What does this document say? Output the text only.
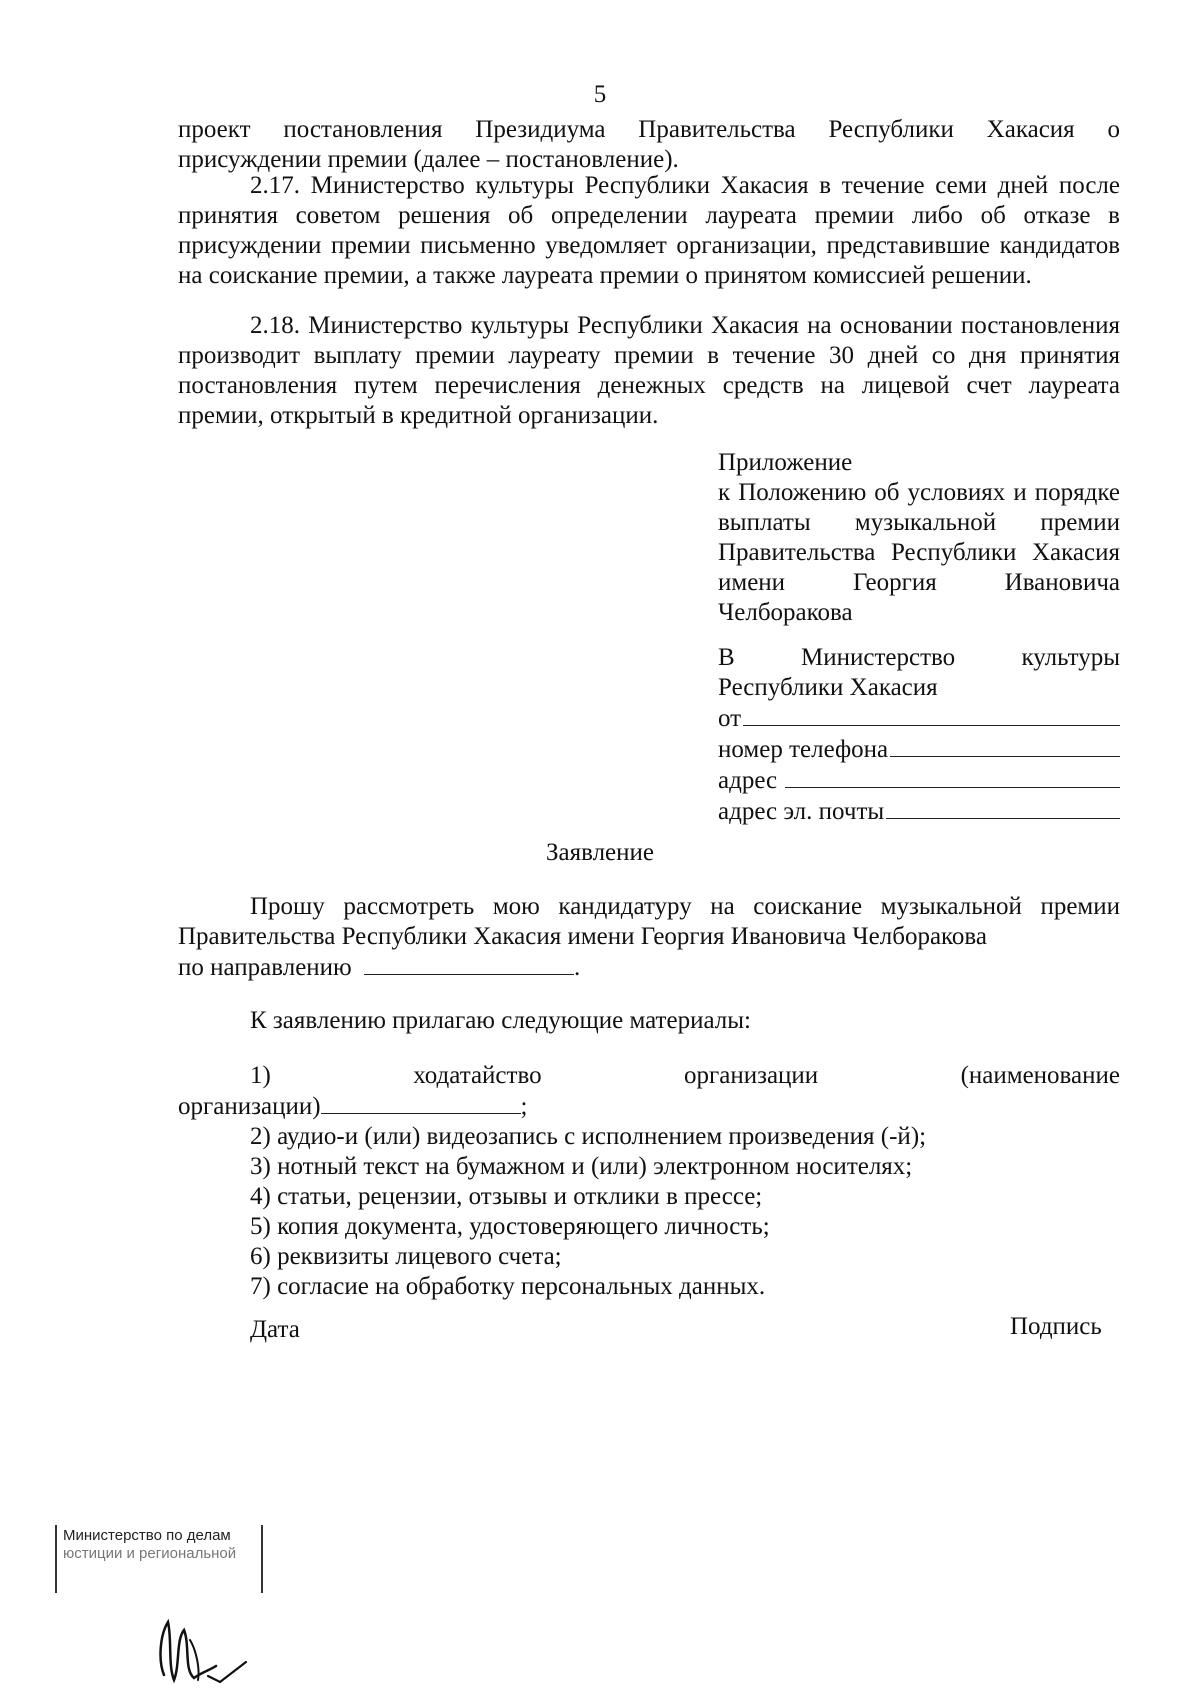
5
проект постановления Президиума Правительства Республики Хакасия о
присуждении премии (далее – постановление).

2.17. Министерство культуры Республики Хакасия в течение семи дней после принятия советом решения об определении лауреата премии либо об отказе в присуждении премии письменно уведомляет организации, представившие кандидатов на соискание премии, а также лауреата премии о принятом комиссией решении.

2.18. Министерство культуры Республики Хакасия на основании постановления производит выплату премии лауреату премии в течение 30 дней со дня принятия постановления путем перечисления денежных средств на лицевой счет лауреата премии, открытый в кредитной организации.

Приложение

к Положению об условиях и порядке выплаты музыкальной премии Правительства Республики Хакасия имени Георгия Ивановича Челборакова

В Министерство культуры
Республики Хакасия
от
номер телефона
адрес
адрес эл. почты
Заявление

Прошу рассмотреть мою кандидатуру на соискание музыкальной премии Правительства Республики Хакасия имени Георгия Ивановича Челборакова

по направлению	.
К заявлению прилагаю следующие материалы:
1) ходатайство организации (наименование
организации)	;
2) аудио-и (или) видеозапись с исполнением произведения (-й);
3) нотный текст на бумажном и (или) электронном носителях;
4) статьи, рецензии, отзывы и отклики в прессе;
5) копия документа, удостоверяющего личность;
6) реквизиты лицевого счета;
7) согласие на обработку персональных данных.
Дата	Подпись
Министерство по делам
юстиции и региональной
